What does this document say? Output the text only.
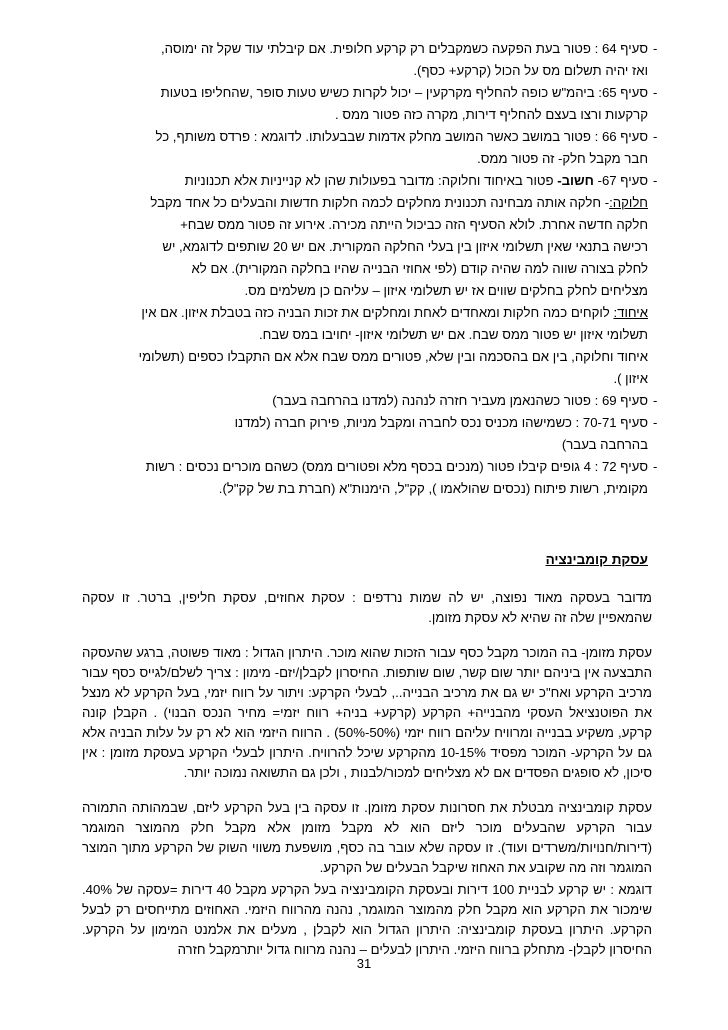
-
סעיף 64 : פטור בעת הפקעה כשמקבלים רק קרקע חלופית. אם קיבלתי עוד שקל זה ימוסה,
ואז יהיה תשלום מס על הכול (קרקע+ כסף).
-
סעיף 65: ביהמ"ש כופה להחליף מקרקעין – יכול לקרות כשיש טעות סופר ,שהחליפו בטעות
קרקעות ורצו בעצם להחליף דירות, מקרה כזה פטור ממס .
-
סעיף 66 : פטור במושב כאשר המושב מחלק אדמות שבבעלותו. לדוגמא : פרדס משותף, כל
חבר מקבל חלק- זה פטור ממס.
-
סעיף 67- חשוב- פטור באיחוד וחלוקה: מדובר בפעולות שהן לא קנייניות אלא תכנוניות
חלוקה:- חלקה אותה מבחינה תכנונית מחלקים לכמה חלקות חדשות והבעלים כל אחד מקבל
חלקה חדשה אחרת. לולא הסעיף הזה כביכול הייתה מכירה. אירוע זה פטור ממס שבח+
רכישה בתנאי שאין תשלומי איזון בין בעלי החלקה המקורית. אם יש 20 שותפים לדוגמא, יש
לחלק בצורה שווה למה שהיה קודם (לפי אחוזי הבנייה שהיו בחלקה המקורית). אם לא
מצליחים לחלק בחלקים שווים אז יש תשלומי איזון – עליהם כן משלמים מס.
איחוד: לוקחים כמה חלקות ומאחדים לאחת ומחלקים את זכות הבניה כזה בטבלת איזון. אם אין
תשלומי איזון יש פטור ממס שבח. אם יש תשלומי איזון- יחויבו במס שבח.
איחוד וחלוקה, בין אם בהסכמה ובין שלא, פטורים ממס שבח אלא אם התקבלו כספים (תשלומי
איזון ).
-
סעיף 69 : פטור כשהנאמן מעביר חזרה לנהנה (למדנו בהרחבה בעבר)
-
סעיף 70-71 : כשמישהו מכניס נכס לחברה ומקבל מניות, פירוק חברה (למדנו
בהרחבה בעבר)
-
סעיף 72 : 4 גופים קיבלו פטור (מנכים בכסף מלא ופטורים ממס) כשהם מוכרים נכסים : רשות
מקומית, רשות פיתוח (נכסים שהולאמו ), קק"ל, הימנות"א (חברת בת של קק"ל).
עסקת קומבינציה
מדובר בעסקה מאוד נפוצה, יש לה שמות נרדפים : עסקת אחוזים, עסקת חליפין, ברטר. זו עסקה שהמאפיין שלה זה שהיא לא עסקת מזומן.
עסקת מזומן- בה המוכר מקבל כסף עבור הזכות שהוא מוכר. היתרון הגדול : מאוד פשוטה, ברגע שהעסקה התבצעה אין ביניהם יותר שום קשר, שום שותפות. החיסרון לקבלן/יזם- מימון : צריך לשלם/לגייס כסף עבור מרכיב הקרקע ואח"כ יש גם את מרכיב הבנייה.., לבעלי הקרקע: ויתור על רווח יזמי, בעל הקרקע לא מנצל את הפוטנציאל העסקי מהבנייה+ הקרקע (קרקע+ בניה+ רווח יזמי= מחיר הנכס הבנוי) . הקבלן קונה קרקע, משקיע בבנייה ומרוויח עליהם רווח יזמי (50%-50%) . הרווח היזמי הוא לא רק על עלות הבניה אלא גם על הקרקע- המוכר מפסיד 10-15% מהקרקע שיכל להרוויח. היתרון לבעלי הקרקע בעסקת מזומן : אין סיכון, לא סופגים הפסדים אם לא מצליחים למכור/לבנות , ולכן גם התשואה נמוכה יותר.
עסקת קומבינציה מבטלת את חסרונות עסקת מזומן. זו עסקה בין בעל הקרקע ליזם, שבמהותה התמורה עבור הקרקע שהבעלים מוכר ליזם הוא לא מקבל מזומן אלא מקבל חלק מהמוצר המוגמר (דירות/חנויות/משרדים ועוד). זו עסקה שלא עובר בה כסף, מושפעת משווי השוק של הקרקע מתוך המוצר המוגמר וזה מה שקובע את האחוז שיקבל הבעלים של הקרקע.
דוגמא : יש קרקע לבניית 100 דירות ובעסקת הקומבינציה בעל הקרקע מקבל 40 דירות =עסקה של 40%. שימכור את הקרקע הוא מקבל חלק מהמוצר המוגמר, נהנה מהרווח היזמי. האחוזים מתייחסים רק לבעל הקרקע. היתרון בעסקת קומבינציה: היתרון הגדול הוא לקבלן , מעלים את אלמנט המימון על הקרקע. החיסרון לקבלן- מתחלק ברווח היזמי. היתרון לבעלים – נהנה מרווח גדול יותרמקבל חזרה
31
